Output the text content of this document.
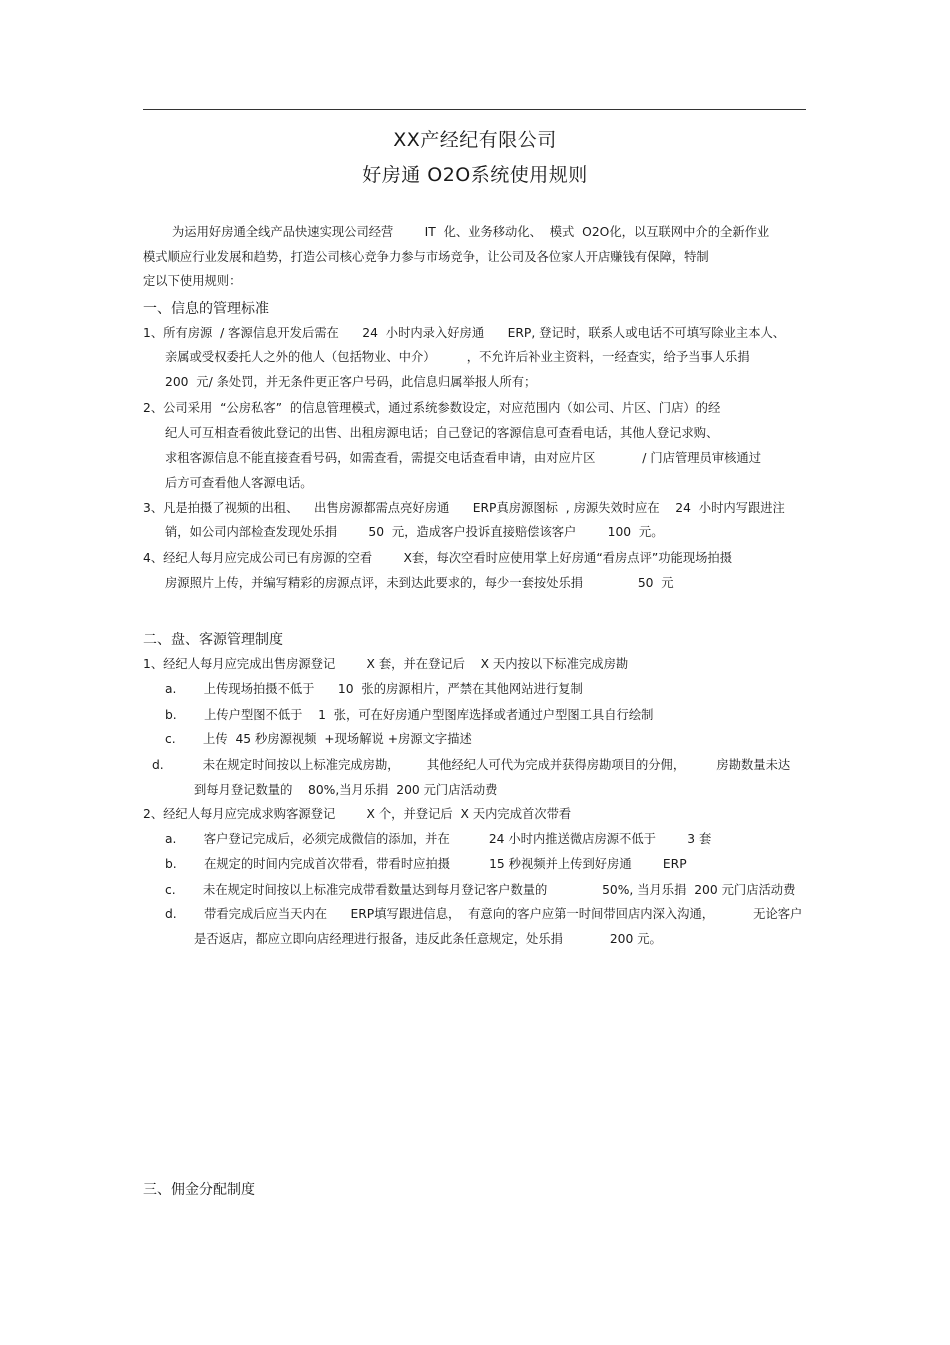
XX产经纪有限公司
好房通 O2O系统使用规则
为运用好房通全线产品快速实现公司经营        IT  化、业务移动化、  模式  O2O化，以互联网中介的全新作业
模式顺应行业发展和趋势，打造公司核心竞争力参与市场竞争，让公司及各位家人开店赚钱有保障，特制
定以下使用规则：
一、信息的管理标准
1、所有房源  / 客源信息开发后需在      24  小时内录入好房通      ERP, 登记时，联系人或电话不可填写除业主本人、
亲属或受权委托人之外的他人（包括物业、中介）        ，不允许后补业主资料，一经查实，给予当事人乐捐
200  元/ 条处罚，并无条件更正客户号码，此信息归属举报人所有；
2、公司采用  “公房私客”  的信息管理模式，通过系统参数设定，对应范围内（如公司、片区、门店）的经
纪人可互相查看彼此登记的出售、出租房源电话；自己登记的客源信息可查看电话，其他人登记求购、
求租客源信息不能直接查看号码，如需查看，需提交电话查看申请，由对应片区            / 门店管理员审核通过
后方可查看他人客源电话。
3、凡是拍摄了视频的出租、    出售房源都需点亮好房通      ERP真房源图标  , 房源失效时应在    24  小时内写跟进注
销，如公司内部检查发现处乐捐        50  元，造成客户投诉直接赔偿该客户        100  元。
4、经纪人每月应完成公司已有房源的空看        X套，每次空看时应使用掌上好房通“看房点评”功能现场拍摄
房源照片上传，并编写精彩的房源点评，未到达此要求的，每少一套按处乐捐              50  元
二、盘、客源管理制度
1、经纪人每月应完成出售房源登记        X 套，并在登记后    X 天内按以下标准完成房勘
a.       上传现场拍摄不低于      10  张的房源相片，严禁在其他网站进行复制
b.       上传户型图不低于    1  张，可在好房通户型图库选择或者通过户型图工具自行绘制
c.       上传  45 秒房源视频  +现场解说 +房源文字描述
d.          未在规定时间按以上标准完成房勘，       其他经纪人可代为完成并获得房勘项目的分佣，        房勘数量未达
到每月登记数量的    80%,当月乐捐  200 元门店活动费
2、经纪人每月应完成求购客源登记        X 个，并登记后  X 天内完成首次带看
a.       客户登记完成后，必须完成微信的添加，并在          24 小时内推送微店房源不低于        3 套
b.       在规定的时间内完成首次带看，带看时应拍摄          15 秒视频并上传到好房通        ERP
c.       未在规定时间按以上标准完成带看数量达到每月登记客户数量的              50%, 当月乐捐  200 元门店活动费
d.       带看完成后应当天内在      ERP填写跟进信息，  有意向的客户应第一时间带回店内深入沟通，          无论客户
是否返店，都应立即向店经理进行报备，违反此条任意规定，处乐捐            200 元。
三、佣金分配制度
